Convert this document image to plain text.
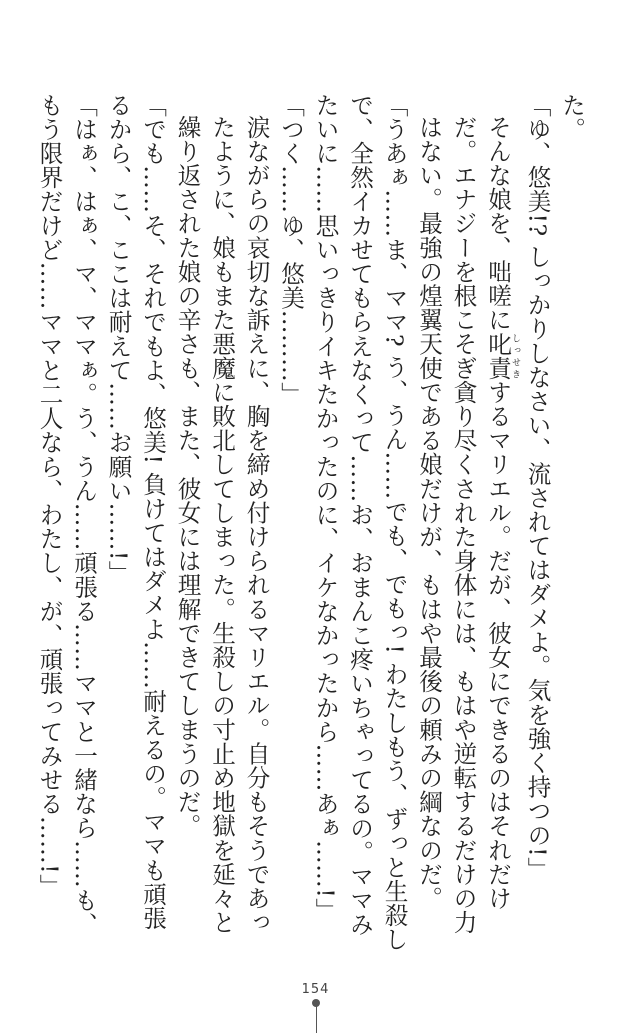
た。

「ゆ、悠美!? しっかりしなさい、流されてはダメよ。気を強く持つの!」

そんな娘を、咄嗟に叱責しっせきするマリエル。だが、彼女にできるのはそれだけだ。エナジーを根こそぎ貪り尽くされた身体には、もはや逆転するだけの力はない。最強の煌翼天使である娘だけが、もはや最後の頼みの綱なのだ。

「うあぁ……ま、ママ? う、うん……でも、でもっ! わたしもう、ずっと生殺しで、全然イカせてもらえなくって……お、おまんこ疼いちゃってるの。ママみたいに……思いっきりイキたかったのに、イケなかったから……あぁ……!」

「つく……ゆ、悠美………」

涙ながらの哀切な訴えに、胸を締め付けられるマリエル。自分もそうであったように、娘もまた悪魔に敗北してしまった。生殺しの寸止め地獄を延々と繰り返された娘の辛さも、また、彼女には理解できてしまうのだ。

「でも……そ、それでもよ、悠美! 負けてはダメよ……耐えるの。ママも頑張るから、こ、ここは耐えて……お願い……!」

「はぁ、はぁ、マ、ママぁ。う、うん……頑張る……ママと一緒なら……も、もう限界だけど……ママと二人なら、わたし、が、頑張ってみせる……!」

154
